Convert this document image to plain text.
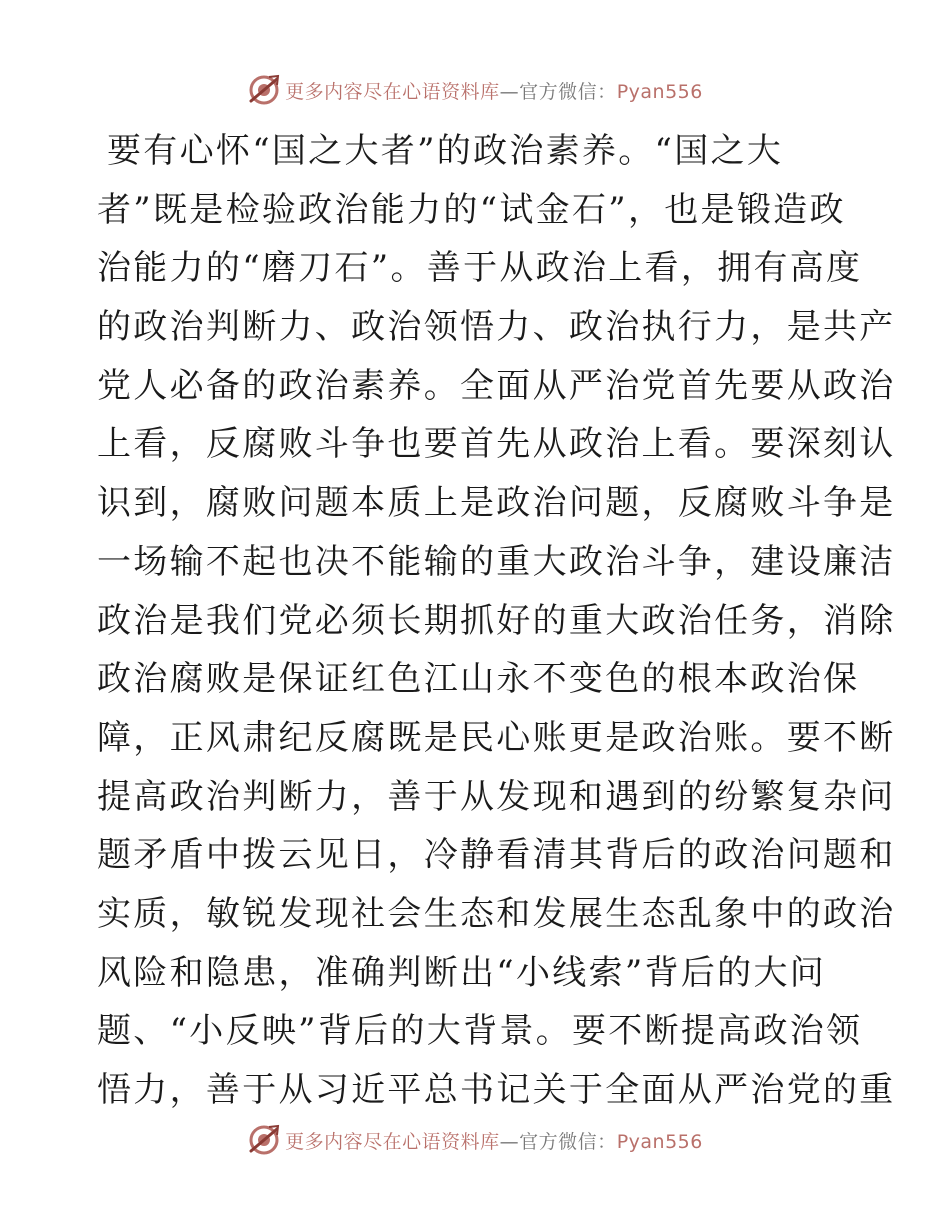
更多内容尽在心语资料库—官方微信：Pyan556
要有心怀“国之大者”的政治素养。“国之大
者”既是检验政治能力的“试金石”，也是锻造政
治能力的“磨刀石”。善于从政治上看，拥有高度
的政治判断力、政治领悟力、政治执行力，是共产
党人必备的政治素养。全面从严治党首先要从政治
上看，反腐败斗争也要首先从政治上看。要深刻认
识到，腐败问题本质上是政治问题，反腐败斗争是
一场输不起也决不能输的重大政治斗争，建设廉洁
政治是我们党必须长期抓好的重大政治任务，消除
政治腐败是保证红色江山永不变色的根本政治保
障，正风肃纪反腐既是民心账更是政治账。要不断
提高政治判断力，善于从发现和遇到的纷繁复杂问
题矛盾中拨云见日，冷静看清其背后的政治问题和
实质，敏锐发现社会生态和发展生态乱象中的政治
风险和隐患，准确判断出“小线索”背后的大问
题、“小反映”背后的大背景。要不断提高政治领
悟力，善于从习近平总书记关于全面从严治党的重
更多内容尽在心语资料库—官方微信：Pyan556
